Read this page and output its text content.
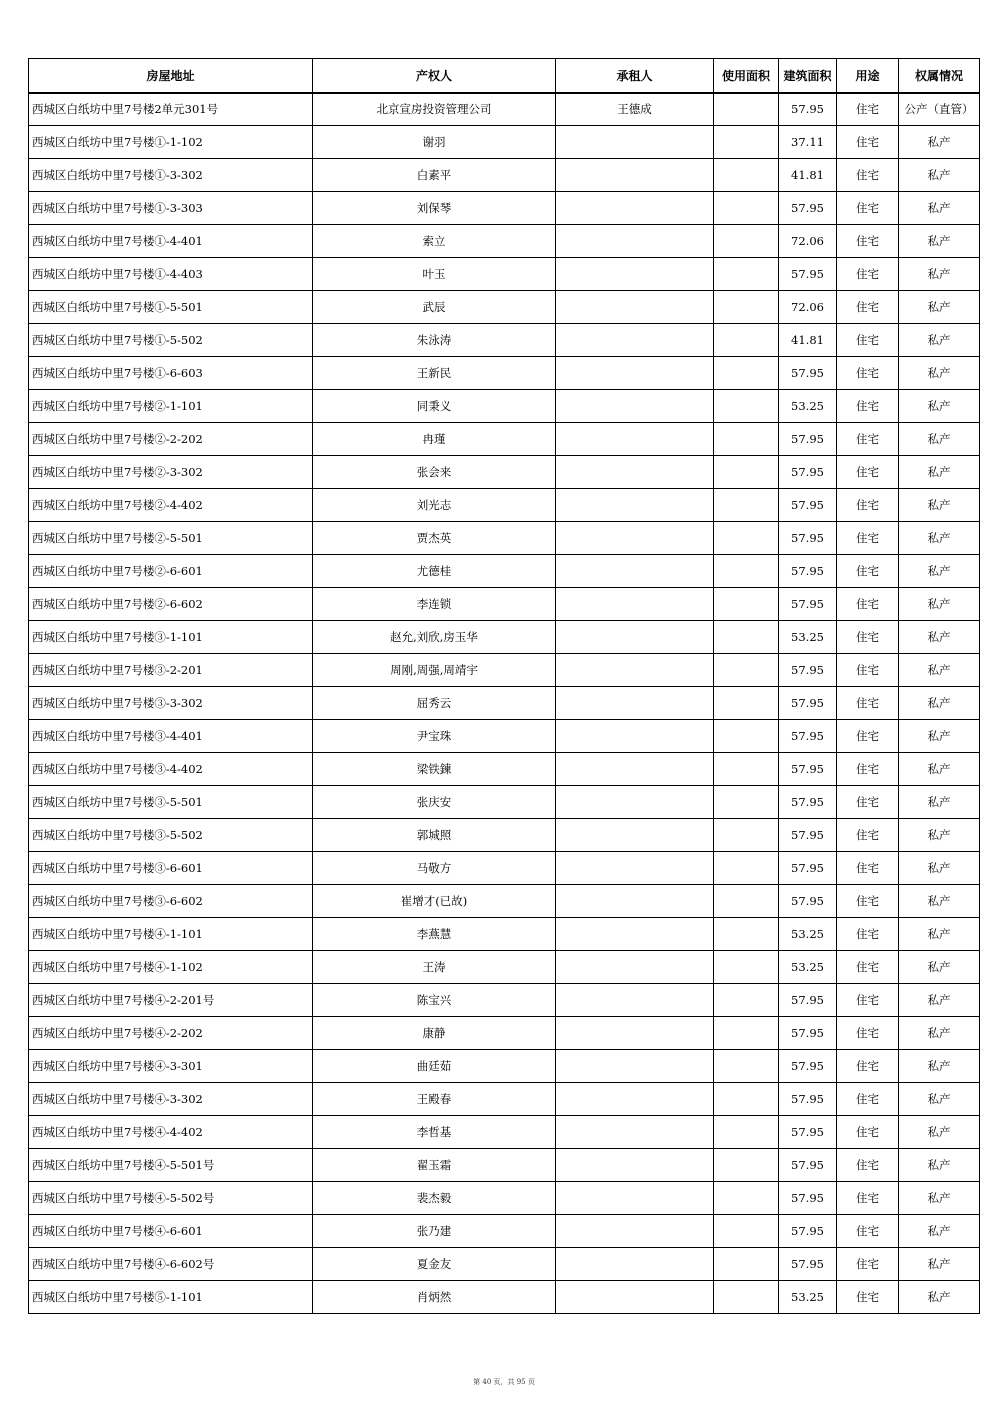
房屋地址	产权人	承租人	使用面积	建筑面积	用途	权属情况
西城区白纸坊中里7号楼2单元301号	北京宣房投资管理公司	王德成		57.95	住宅	公产（直管）
西城区白纸坊中里7号楼①-1-102	谢羽			37.11	住宅	私产
西城区白纸坊中里7号楼①-3-302	白素平			41.81	住宅	私产
西城区白纸坊中里7号楼①-3-303	刘保琴			57.95	住宅	私产
西城区白纸坊中里7号楼①-4-401	索立			72.06	住宅	私产
西城区白纸坊中里7号楼①-4-403	叶玉			57.95	住宅	私产
西城区白纸坊中里7号楼①-5-501	武辰			72.06	住宅	私产
西城区白纸坊中里7号楼①-5-502	朱泳涛			41.81	住宅	私产
西城区白纸坊中里7号楼①-6-603	王新民			57.95	住宅	私产
西城区白纸坊中里7号楼②-1-101	同秉义			53.25	住宅	私产
西城区白纸坊中里7号楼②-2-202	冉瑾			57.95	住宅	私产
西城区白纸坊中里7号楼②-3-302	张会来			57.95	住宅	私产
西城区白纸坊中里7号楼②-4-402	刘光志			57.95	住宅	私产
西城区白纸坊中里7号楼②-5-501	贾杰英			57.95	住宅	私产
西城区白纸坊中里7号楼②-6-601	尤德桂			57.95	住宅	私产
西城区白纸坊中里7号楼②-6-602	李连锁			57.95	住宅	私产
西城区白纸坊中里7号楼③-1-101	赵允,刘欣,房玉华			53.25	住宅	私产
西城区白纸坊中里7号楼③-2-201	周刚,周强,周靖宇			57.95	住宅	私产
西城区白纸坊中里7号楼③-3-302	屈秀云			57.95	住宅	私产
西城区白纸坊中里7号楼③-4-401	尹宝珠			57.95	住宅	私产
西城区白纸坊中里7号楼③-4-402	梁铁鍊			57.95	住宅	私产
西城区白纸坊中里7号楼③-5-501	张庆安			57.95	住宅	私产
西城区白纸坊中里7号楼③-5-502	郭城照			57.95	住宅	私产
西城区白纸坊中里7号楼③-6-601	马敬方			57.95	住宅	私产
西城区白纸坊中里7号楼③-6-602	崔增才(已故)			57.95	住宅	私产
西城区白纸坊中里7号楼④-1-101	李燕慧			53.25	住宅	私产
西城区白纸坊中里7号楼④-1-102	王涛			53.25	住宅	私产
西城区白纸坊中里7号楼④-2-201号	陈宝兴			57.95	住宅	私产
西城区白纸坊中里7号楼④-2-202	康静			57.95	住宅	私产
西城区白纸坊中里7号楼④-3-301	曲廷茹			57.95	住宅	私产
西城区白纸坊中里7号楼④-3-302	王殿春			57.95	住宅	私产
西城区白纸坊中里7号楼④-4-402	李哲基			57.95	住宅	私产
西城区白纸坊中里7号楼④-5-501号	翟玉霜			57.95	住宅	私产
西城区白纸坊中里7号楼④-5-502号	裴杰毅			57.95	住宅	私产
西城区白纸坊中里7号楼④-6-601	张乃建			57.95	住宅	私产
西城区白纸坊中里7号楼④-6-602号	夏金友			57.95	住宅	私产
西城区白纸坊中里7号楼⑤-1-101	肖炳然			53.25	住宅	私产
第 40 页，共 95 页
